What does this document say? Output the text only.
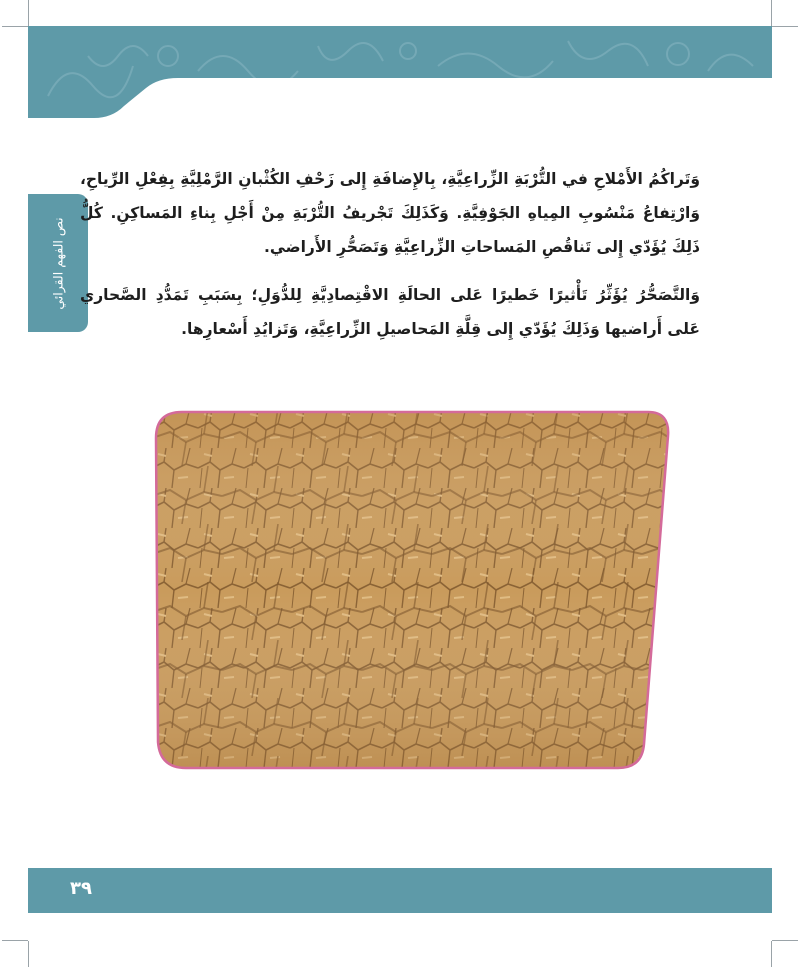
نص الفهم القرائي

وَتَراكُمُ الأَمْلاحِ في التُّرْبَةِ الزِّراعِيَّةِ، بِالإِضافَةِ إِلى زَحْفِ الكُثْبانِ الرَّمْلِيَّةِ بِفِعْلِ الرِّياحِ، وَارْتِفاعُ مَنْسُوبِ المِياهِ الجَوْفِيَّةِ. وَكَذَلِكَ تَجْريفُ التُّرْبَةِ مِنْ أَجْلِ بِناءِ المَساكِنِ. كُلُّ ذَلِكَ يُؤَدّي إِلى تَناقُصِ المَساحاتِ الزِّراعِيَّةِ وَتَصَحُّرِ الأَراضي.

وَالتَّصَحُّرُ يُؤَثِّرُ تَأْثيرًا خَطيرًا عَلى الحالَةِ الاقْتِصادِيَّةِ لِلدُّوَلِ؛ بِسَبَبِ تَمَدُّدِ الصَّحاري عَلى أَراضيها وَذَلِكَ يُؤَدّي إِلى قِلَّةِ المَحاصيلِ الزِّراعِيَّةِ، وَتَزايُدِ أَسْعارِها.

٣٩
